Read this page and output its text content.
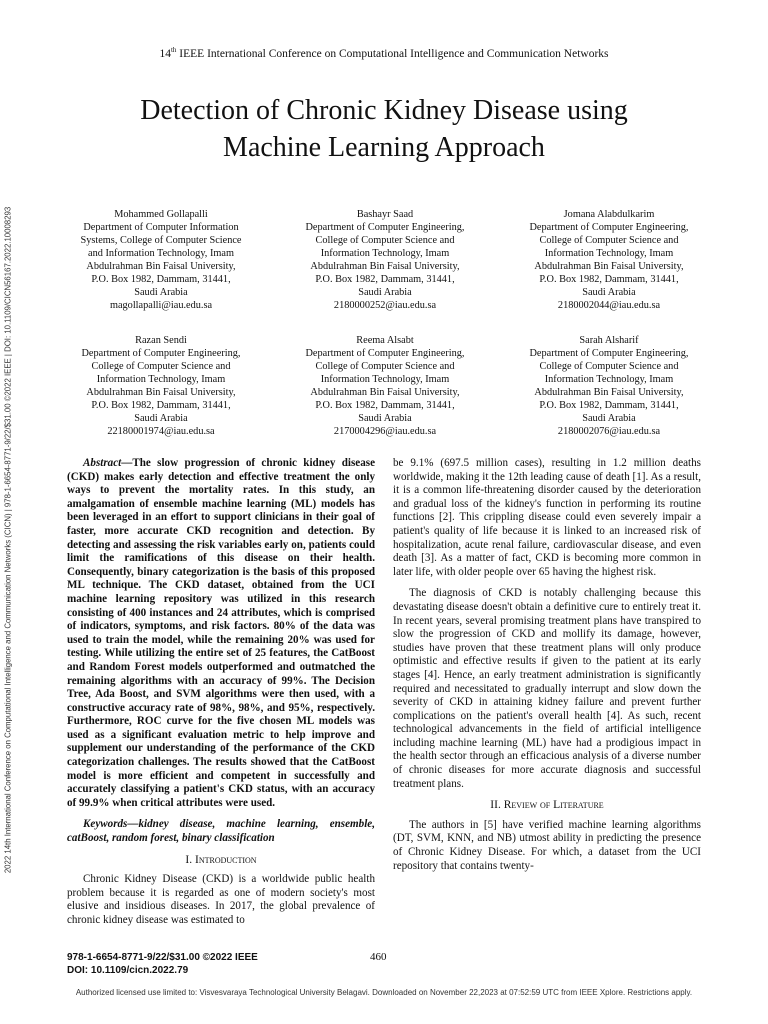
2022 14th International Conference on Computational Intelligence and Communication Networks (CICN) | 978-1-6654-8771-9/22/$31.00 ©2022 IEEE | DOI: 10.1109/CICN56167.2022.10008293
14th IEEE International Conference on Computational Intelligence and Communication Networks
Detection of Chronic Kidney Disease using
Machine Learning Approach
Mohammed Gollapalli
Department of Computer Information
Systems, College of Computer Science
and Information Technology, Imam
Abdulrahman Bin Faisal University,
P.O. Box 1982, Dammam, 31441,
Saudi Arabia
magollapalli@iau.edu.sa
Bashayr Saad
Department of Computer Engineering,
College of Computer Science and
Information Technology, Imam
Abdulrahman Bin Faisal University,
P.O. Box 1982, Dammam, 31441,
Saudi Arabia
2180000252@iau.edu.sa
Jomana Alabdulkarim
Department of Computer Engineering,
College of Computer Science and
Information Technology, Imam
Abdulrahman Bin Faisal University,
P.O. Box 1982, Dammam, 31441,
Saudi Arabia
2180002044@iau.edu.sa
Razan Sendi
Department of Computer Engineering,
College of Computer Science and
Information Technology, Imam
Abdulrahman Bin Faisal University,
P.O. Box 1982, Dammam, 31441,
Saudi Arabia
22180001974@iau.edu.sa
Reema Alsabt
Department of Computer Engineering,
College of Computer Science and
Information Technology, Imam
Abdulrahman Bin Faisal University,
P.O. Box 1982, Dammam, 31441,
Saudi Arabia
2170004296@iau.edu.sa
Sarah Alsharif
Department of Computer Engineering,
College of Computer Science and
Information Technology, Imam
Abdulrahman Bin Faisal University,
P.O. Box 1982, Dammam, 31441,
Saudi Arabia
2180002076@iau.edu.sa

Abstract—The slow progression of chronic kidney disease (CKD) makes early detection and effective treatment the only ways to prevent the mortality rates. In this study, an amalgamation of ensemble machine learning (ML) models has been leveraged in an effort to support clinicians in their goal of faster, more accurate CKD recognition and detection. By detecting and assessing the risk variables early on, patients could limit the ramifications of this disease on their health. Consequently, binary categorization is the basis of this proposed ML technique. The CKD dataset, obtained from the UCI machine learning repository was utilized in this research consisting of 400 instances and 24 attributes, which is comprised of indicators, symptoms, and risk factors. 80% of the data was used to train the model, while the remaining 20% was used for testing. While utilizing the entire set of 25 features, the CatBoost and Random Forest models outperformed and outmatched the remaining algorithms with an accuracy of 99%. The Decision Tree, Ada Boost, and SVM algorithms were then used, with a constructive accuracy rate of 98%, 98%, and 95%, respectively. Furthermore, ROC curve for the five chosen ML models was used as a significant evaluation metric to help improve and supplement our understanding of the performance of the CKD categorization challenges. The results showed that the CatBoost model is more efficient and competent in successfully and accurately classifying a patient's CKD status, with an accuracy of 99.9% when critical attributes were used.

Keywords—kidney disease, machine learning, ensemble, catBoost, random forest, binary classification

I. Introduction

Chronic Kidney Disease (CKD) is a worldwide public health problem because it is regarded as one of modern society's most elusive and insidious diseases. In 2017, the global prevalence of chronic kidney disease was estimated to

be 9.1% (697.5 million cases), resulting in 1.2 million deaths worldwide, making it the 12th leading cause of death [1]. As a result, it is a common life-threatening disorder caused by the deterioration and gradual loss of the kidney's function in performing its routine functions [2]. This crippling disease could even severely impair a patient's quality of life because it is linked to an increased risk of hospitalization, acute renal failure, cardiovascular disease, and even death [3]. As a matter of fact, CKD is becoming more common in later life, with older people over 65 having the highest risk.

The diagnosis of CKD is notably challenging because this devastating disease doesn't obtain a definitive cure to entirely treat it. In recent years, several promising treatment plans have transpired to slow the progression of CKD and mollify its damage, however, studies have proven that these treatment plans will only produce optimistic and effective results if given to the patient at its early stages [4]. Hence, an early treatment administration is significantly required and necessitated to gradually interrupt and slow down the severity of CKD in attaining kidney failure and prevent further complications on the patient's overall health [4]. As such, recent technological advancements in the field of artificial intelligence including machine learning (ML) have had a prodigious impact in the health sector through an efficacious analysis of a diverse number of chronic diseases for more accurate diagnosis and successful treatment plans.

II. Review of Literature

The authors in [5] have verified machine learning algorithms (DT, SVM, KNN, and NB) utmost ability in predicting the presence of Chronic Kidney Disease. For which, a dataset from the UCI repository that contains twenty-

978-1-6654-8771-9/22/$31.00 ©2022 IEEE
DOI: 10.1109/cicn.2022.79
460
Authorized licensed use limited to: Visvesvaraya Technological University Belagavi. Downloaded on November 22,2023 at 07:52:59 UTC from IEEE Xplore. Restrictions apply.
